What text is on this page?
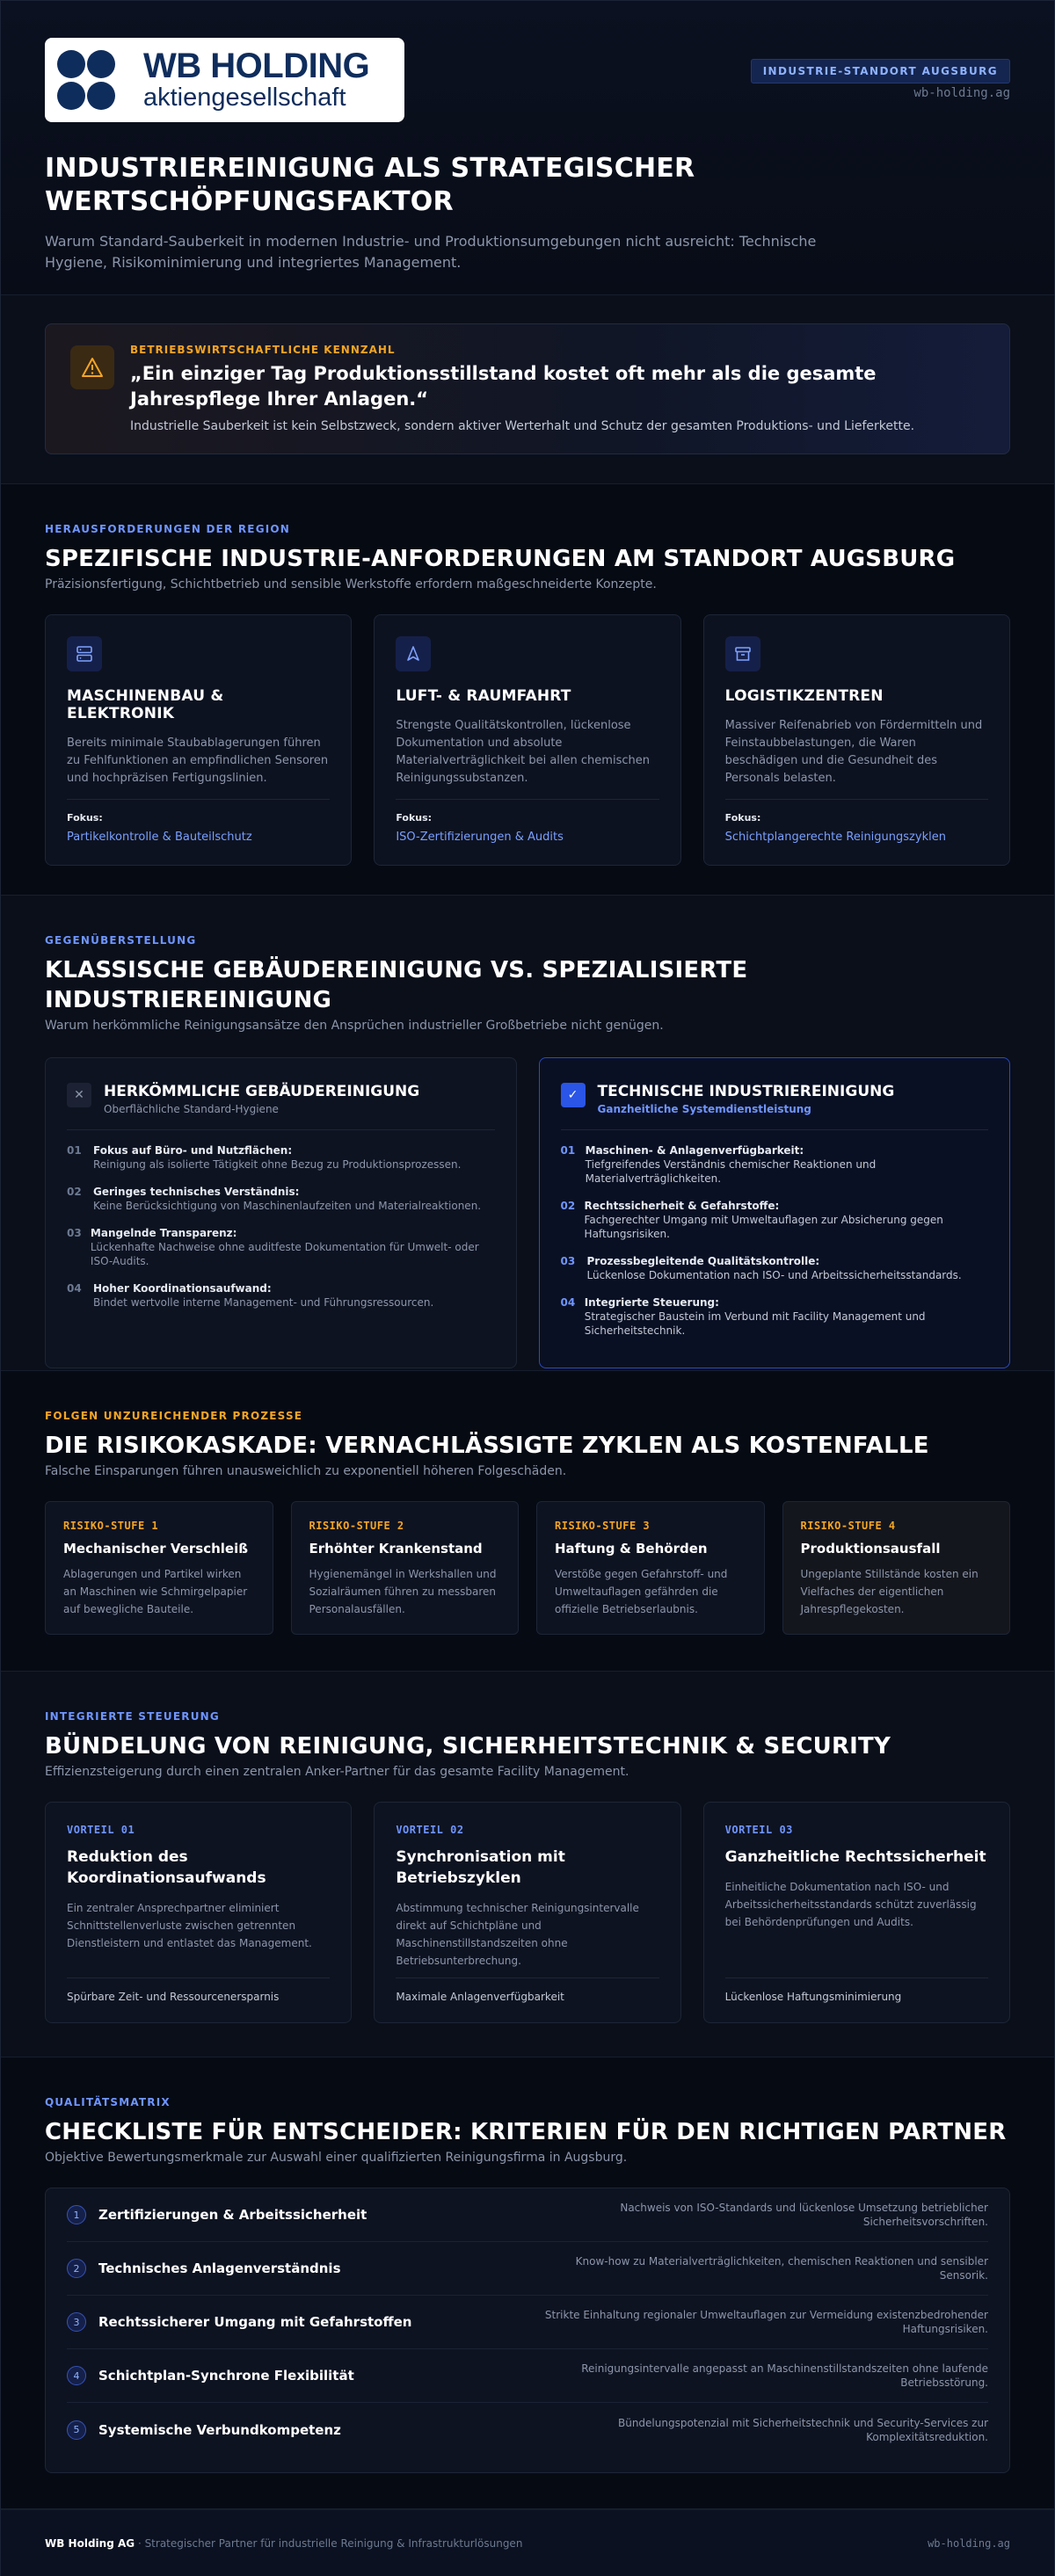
WB HOLDING
aktiengesellschaft
INDUSTRIE-STANDORT AUGSBURG
wb-holding.ag
INDUSTRIEREINIGUNG ALS STRATEGISCHER WERTSCHÖPFUNGSFAKTOR

Warum Standard-Sauberkeit in modernen Industrie- und Produktionsumgebungen nicht ausreicht: Technische Hygiene, Risikominimierung und integriertes Management.

BETRIEBSWIRTSCHAFTLICHE KENNZAHL
„Ein einziger Tag Produktionsstillstand kostet oft mehr als die gesamte Jahrespflege Ihrer Anlagen.“
Industrielle Sauberkeit ist kein Selbstzweck, sondern aktiver Werterhalt und Schutz der gesamten Produktions- und Lieferkette.
HERAUSFORDERUNGEN DER REGION
SPEZIFISCHE INDUSTRIE-ANFORDERUNGEN AM STANDORT AUGSBURG

Präzisionsfertigung, Schichtbetrieb und sensible Werkstoffe erfordern maßgeschneiderte Konzepte.

MASCHINENBAU & ELEKTRONIK
Bereits minimale Staubablagerungen führen zu Fehlfunktionen an empfindlichen Sensoren und hochpräzisen Fertigungslinien.
Fokus:
Partikelkontrolle & Bauteilschutz
LUFT- & RAUMFAHRT
Strengste Qualitätskontrollen, lückenlose Dokumentation und absolute Materialverträglichkeit bei allen chemischen Reinigungssubstanzen.
Fokus:
ISO-Zertifizierungen & Audits
LOGISTIKZENTREN
Massiver Reifenabrieb von Fördermitteln und Feinstaubbelastungen, die Waren beschädigen und die Gesundheit des Personals belasten.
Fokus:
Schichtplangerechte Reinigungszyklen
GEGENÜBERSTELLUNG
KLASSISCHE GEBÄUDEREINIGUNG VS. SPEZIALISIERTE INDUSTRIEREINIGUNG

Warum herkömmliche Reinigungsansätze den Ansprüchen industrieller Großbetriebe nicht genügen.

✕	HERKÖMMLICHE GEBÄUDEREINIGUNG
Oberflächliche Standard-Hygiene
01	Fokus auf Büro- und Nutzflächen:
Reinigung als isolierte Tätigkeit ohne Bezug zu Produktionsprozessen.
02	Geringes technisches Verständnis:
Keine Berücksichtigung von Maschinenlaufzeiten und Materialreaktionen.
03 Mangelnde Transparenz:
Lückenhafte Nachweise ohne auditfeste Dokumentation für Umwelt- oder ISO-Audits.
04	Hoher Koordinationsaufwand:
Bindet wertvolle interne Management- und Führungsressourcen.
✓	TECHNISCHE INDUSTRIEREINIGUNG
Ganzheitliche Systemdienstleistung
01 Maschinen- & Anlagenverfügbarkeit:
Tiefgreifendes Verständnis chemischer Reaktionen und Materialverträglichkeiten.
02 Rechtssicherheit & Gefahrstoffe:
Fachgerechter Umgang mit Umweltauflagen zur Absicherung gegen Haftungsrisiken.
03	Prozessbegleitende Qualitätskontrolle:
Lückenlose Dokumentation nach ISO- und Arbeitssicherheitsstandards.
04 Integrierte Steuerung:
Strategischer Baustein im Verbund mit Facility Management und Sicherheitstechnik.
FOLGEN UNZUREICHENDER PROZESSE
DIE RISIKOKASKADE: VERNACHLÄSSIGTE ZYKLEN ALS KOSTENFALLE

Falsche Einsparungen führen unausweichlich zu exponentiell höheren Folgeschäden.

RISIKO-STUFE 1
Mechanischer Verschleiß
Ablagerungen und Partikel wirken an Maschinen wie Schmirgelpapier auf bewegliche Bauteile.
RISIKO-STUFE 2
Erhöhter Krankenstand
Hygienemängel in Werkshallen und Sozialräumen führen zu messbaren Personalausfällen.
RISIKO-STUFE 3
Haftung & Behörden
Verstöße gegen Gefahrstoff- und Umweltauflagen gefährden die offizielle Betriebserlaubnis.
RISIKO-STUFE 4
Produktionsausfall
Ungeplante Stillstände kosten ein Vielfaches der eigentlichen Jahrespflegekosten.
INTEGRIERTE STEUERUNG
BÜNDELUNG VON REINIGUNG, SICHERHEITSTECHNIK & SECURITY

Effizienzsteigerung durch einen zentralen Anker-Partner für das gesamte Facility Management.

VORTEIL 01
Reduktion des Koordinationsaufwands
Ein zentraler Ansprechpartner eliminiert Schnittstellenverluste zwischen getrennten Dienstleistern und entlastet das Management.
Spürbare Zeit- und Ressourcenersparnis
VORTEIL 02
Synchronisation mit Betriebszyklen
Abstimmung technischer Reinigungsintervalle direkt auf Schichtpläne und Maschinenstillstandszeiten ohne Betriebsunterbrechung.
Maximale Anlagenverfügbarkeit
VORTEIL 03
Ganzheitliche Rechtssicherheit
Einheitliche Dokumentation nach ISO- und Arbeitssicherheitsstandards schützt zuverlässig bei Behördenprüfungen und Audits.
Lückenlose Haftungsminimierung
QUALITÄTSMATRIX
CHECKLISTE FÜR ENTSCHEIDER: KRITERIEN FÜR DEN RICHTIGEN PARTNER

Objektive Bewertungsmerkmale zur Auswahl einer qualifizierten Reinigungsfirma in Augsburg.

1	Zertifizierungen & Arbeitssicherheit	Nachweis von ISO-Standards und lückenlose Umsetzung betrieblicher Sicherheitsvorschriften.
2	Technisches Anlagenverständnis	Know-how zu Materialverträglichkeiten, chemischen Reaktionen und sensibler Sensorik.
3	Rechtssicherer Umgang mit Gefahrstoffen	Strikte Einhaltung regionaler Umweltauflagen zur Vermeidung existenzbedrohender Haftungsrisiken.
4	Schichtplan-Synchrone Flexibilität	Reinigungsintervalle angepasst an Maschinenstillstandszeiten ohne laufende Betriebsstörung.
5	Systemische Verbundkompetenz	Bündelungspotenzial mit Sicherheitstechnik und Security-Services zur Komplexitätsreduktion.
WB Holding AG · Strategischer Partner für industrielle Reinigung & Infrastrukturlösungen	wb-holding.ag
